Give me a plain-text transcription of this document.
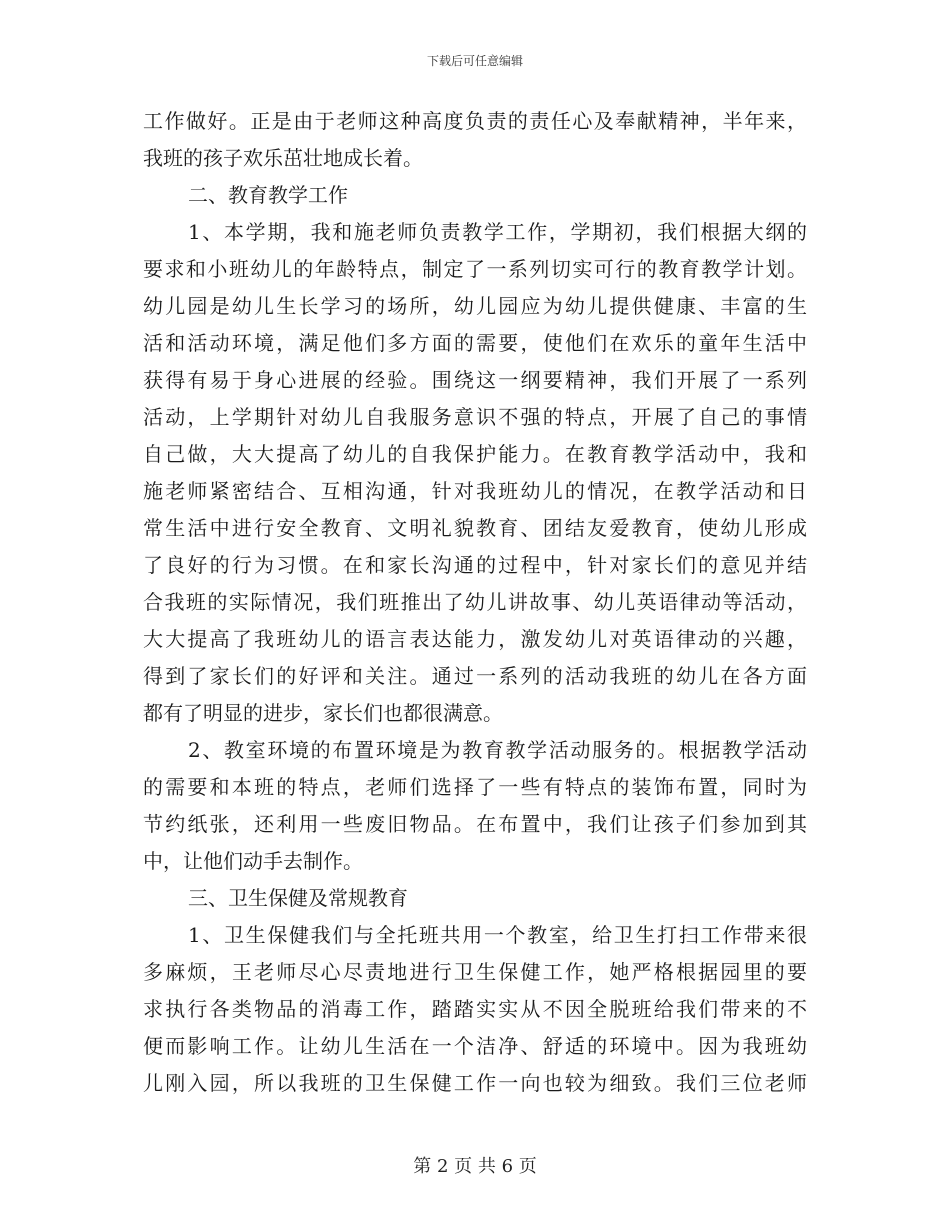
下载后可任意编辑
工作做好。正是由于老师这种高度负责的责任心及奉献精神，半年来，
我班的孩子欢乐茁壮地成长着。
二、教育教学工作
1、本学期，我和施老师负责教学工作，学期初，我们根据大纲的
要求和小班幼儿的年龄特点，制定了一系列切实可行的教育教学计划。
幼儿园是幼儿生长学习的场所，幼儿园应为幼儿提供健康、丰富的生
活和活动环境，满足他们多方面的需要，使他们在欢乐的童年生活中
获得有易于身心进展的经验。围绕这一纲要精神，我们开展了一系列
活动，上学期针对幼儿自我服务意识不强的特点，开展了自己的事情
自己做，大大提高了幼儿的自我保护能力。在教育教学活动中，我和
施老师紧密结合、互相沟通，针对我班幼儿的情况，在教学活动和日
常生活中进行安全教育、文明礼貌教育、团结友爱教育，使幼儿形成
了良好的行为习惯。在和家长沟通的过程中，针对家长们的意见并结
合我班的实际情况，我们班推出了幼儿讲故事、幼儿英语律动等活动，
大大提高了我班幼儿的语言表达能力，激发幼儿对英语律动的兴趣，
得到了家长们的好评和关注。通过一系列的活动我班的幼儿在各方面
都有了明显的进步，家长们也都很满意。
2、教室环境的布置环境是为教育教学活动服务的。根据教学活动
的需要和本班的特点，老师们选择了一些有特点的装饰布置，同时为
节约纸张，还利用一些废旧物品。在布置中，我们让孩子们参加到其
中，让他们动手去制作。
三、卫生保健及常规教育
1、卫生保健我们与全托班共用一个教室，给卫生打扫工作带来很
多麻烦，王老师尽心尽责地进行卫生保健工作，她严格根据园里的要
求执行各类物品的消毒工作，踏踏实实从不因全脱班给我们带来的不
便而影响工作。让幼儿生活在一个洁净、舒适的环境中。因为我班幼
儿刚入园，所以我班的卫生保健工作一向也较为细致。我们三位老师
第 2 页 共 6 页
